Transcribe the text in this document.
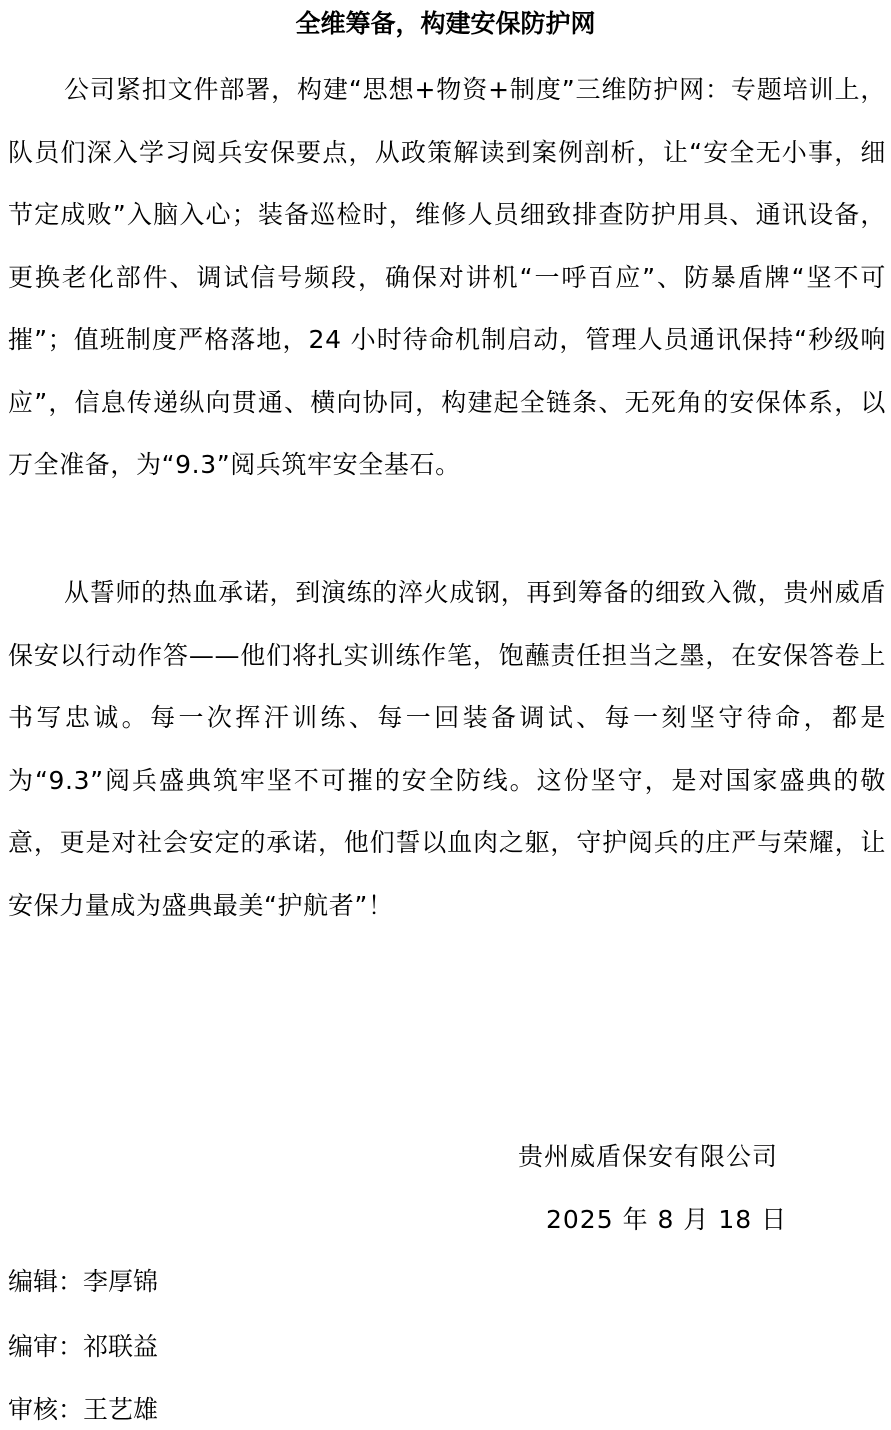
全维筹备，构建安保防护网

公司紧扣文件部署，构建“思想+物资+制度”三维防护网：专题培训上，队员们深入学习阅兵安保要点，从政策解读到案例剖析，让“安全无小事，细节定成败”入脑入心；装备巡检时，维修人员细致排查防护用具、通讯设备，更换老化部件、调试信号频段，确保对讲机“一呼百应”、防暴盾牌“坚不可摧”；值班制度严格落地，24 小时待命机制启动，管理人员通讯保持“秒级响应”，信息传递纵向贯通、横向协同，构建起全链条、无死角的安保体系，以万全准备，为“9.3”阅兵筑牢安全基石。

从誓师的热血承诺，到演练的淬火成钢，再到筹备的细致入微，贵州威盾保安以行动作答——他们将扎实训练作笔，饱蘸责任担当之墨，在安保答卷上书写忠诚。每一次挥汗训练、每一回装备调试、每一刻坚守待命，都是为“9.3”阅兵盛典筑牢坚不可摧的安全防线。这份坚守，是对国家盛典的敬意，更是对社会安定的承诺，他们誓以血肉之躯，守护阅兵的庄严与荣耀，让安保力量成为盛典最美“护航者”！

贵州威盾保安有限公司
2025 年 8 月 18 日
编辑：李厚锦
编审：祁联益
审核：王艺雄
